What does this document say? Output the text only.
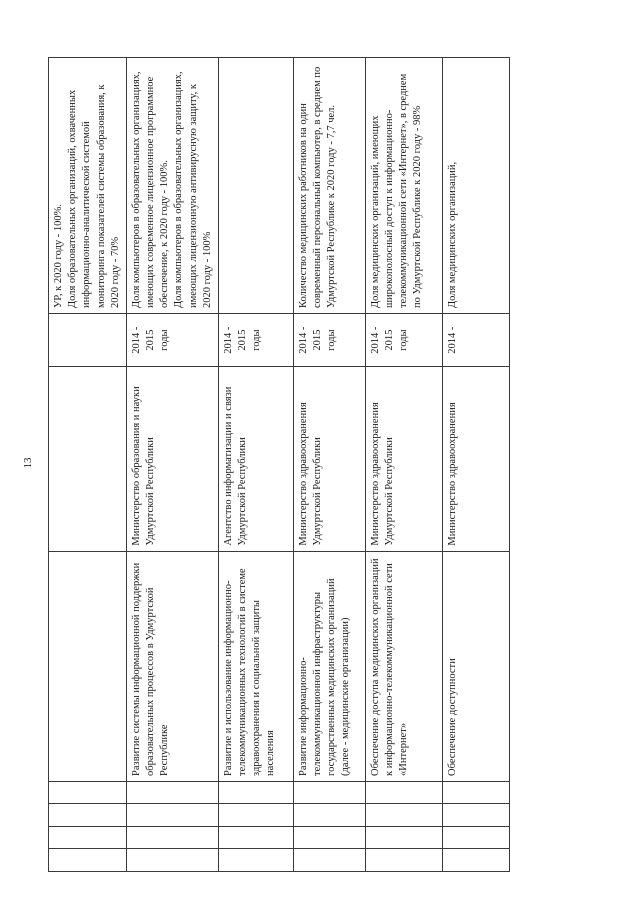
13
							УР, к 2020 году - 100%. Доля образовательных организаций, охваченных информационно-аналитической системой мониторинга показателей системы образования, к 2020 году - 70%
				Развитие системы информационной поддержки образовательных процессов в Удмуртской Республике	Министерство образования и науки Удмуртской Республики	2014 - 2015 годы	Доля компьютеров в образовательных организациях, имеющих современное лицензионное программное обеспечение, к 2020 году - 100%. Доля компьютеров в образовательных организациях, имеющих лицензионную антивирусную защиту, к 2020 году - 100%
				Развитие и использование информационно-телекоммуникационных технологий в системе здравоохранения и социальной защиты населения	Агентство информатизации и связи Удмуртской Республики	2014 - 2015 годы	
				Развитие информационно-телекоммуникационной инфраструктуры государственных медицинских организаций (далее - медицинские организации)	Министерство здравоохранения Удмуртской Республики	2014 - 2015 годы	Количество медицинских работников на один современный персональный компьютер, в среднем по Удмуртской Республике к 2020 году - 7,7 чел.
				Обеспечение доступа медицинских организаций к информационно-телекоммуникационной сети «Интернет»	Министерство здравоохранения Удмуртской Республики	2014 - 2015 годы	Доля медицинских организаций, имеющих широкополосный доступ к информационно-телекоммуникационной сети «Интернет», в среднем по Удмуртской Республике к 2020 году - 98%
				Обеспечение доступности	Министерство здравоохранения	2014 -	Доля медицинских организаций,
